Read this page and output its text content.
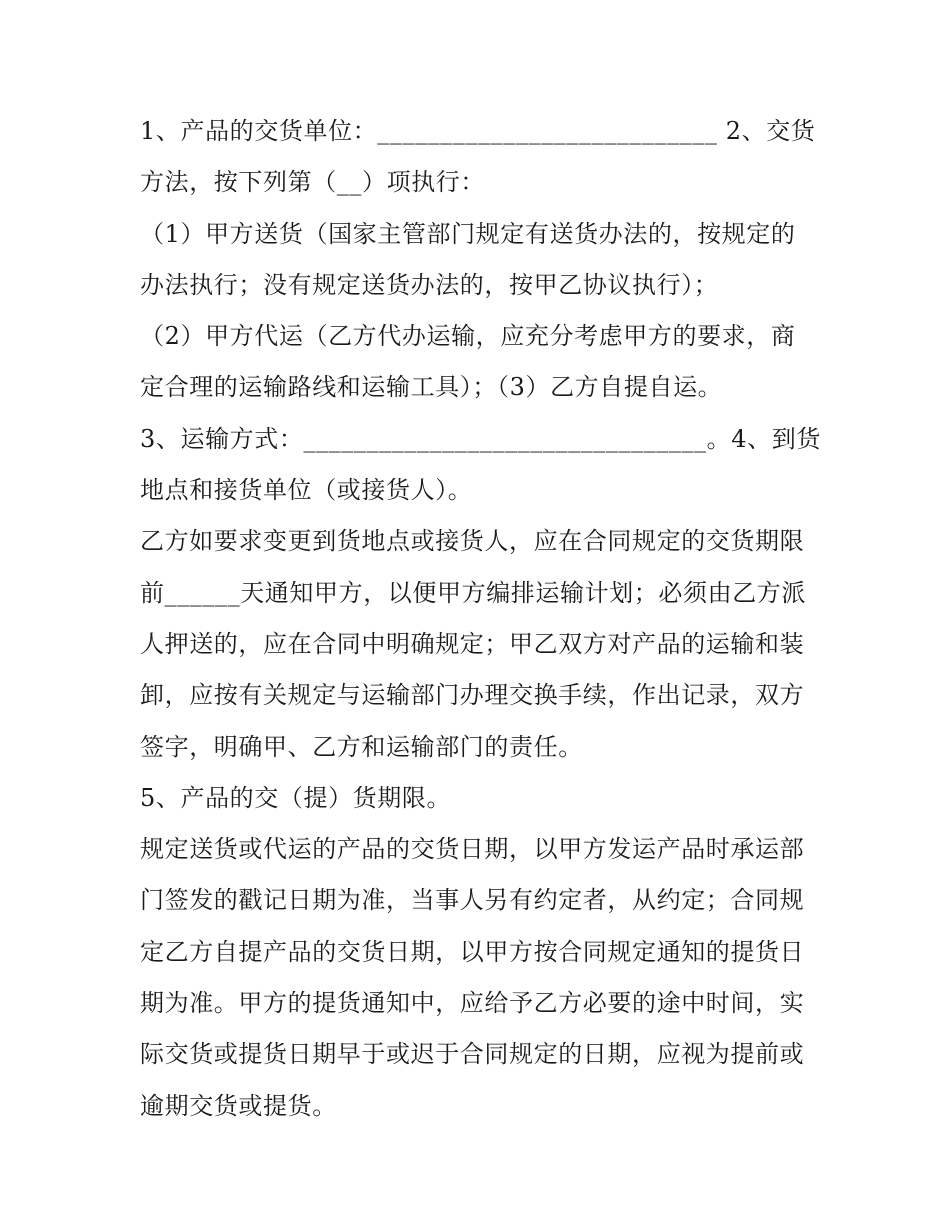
1、产品的交货单位：___________________________ 2、交货
方法，按下列第（__）项执行：
（1）甲方送货（国家主管部门规定有送货办法的，按规定的
办法执行；没有规定送货办法的，按甲乙协议执行）；
（2）甲方代运（乙方代办运输，应充分考虑甲方的要求，商
定合理的运输路线和运输工具）；（3）乙方自提自运。
3、运输方式：________________________________。4、到货
地点和接货单位（或接货人）。
乙方如要求变更到货地点或接货人，应在合同规定的交货期限
前______天通知甲方，以便甲方编排运输计划；必须由乙方派
人押送的，应在合同中明确规定；甲乙双方对产品的运输和装
卸，应按有关规定与运输部门办理交换手续，作出记录，双方
签字，明确甲、乙方和运输部门的责任。
5、产品的交（提）货期限。
规定送货或代运的产品的交货日期，以甲方发运产品时承运部
门签发的戳记日期为准，当事人另有约定者，从约定；合同规
定乙方自提产品的交货日期，以甲方按合同规定通知的提货日
期为准。甲方的提货通知中，应给予乙方必要的途中时间，实
际交货或提货日期早于或迟于合同规定的日期，应视为提前或
逾期交货或提货。
